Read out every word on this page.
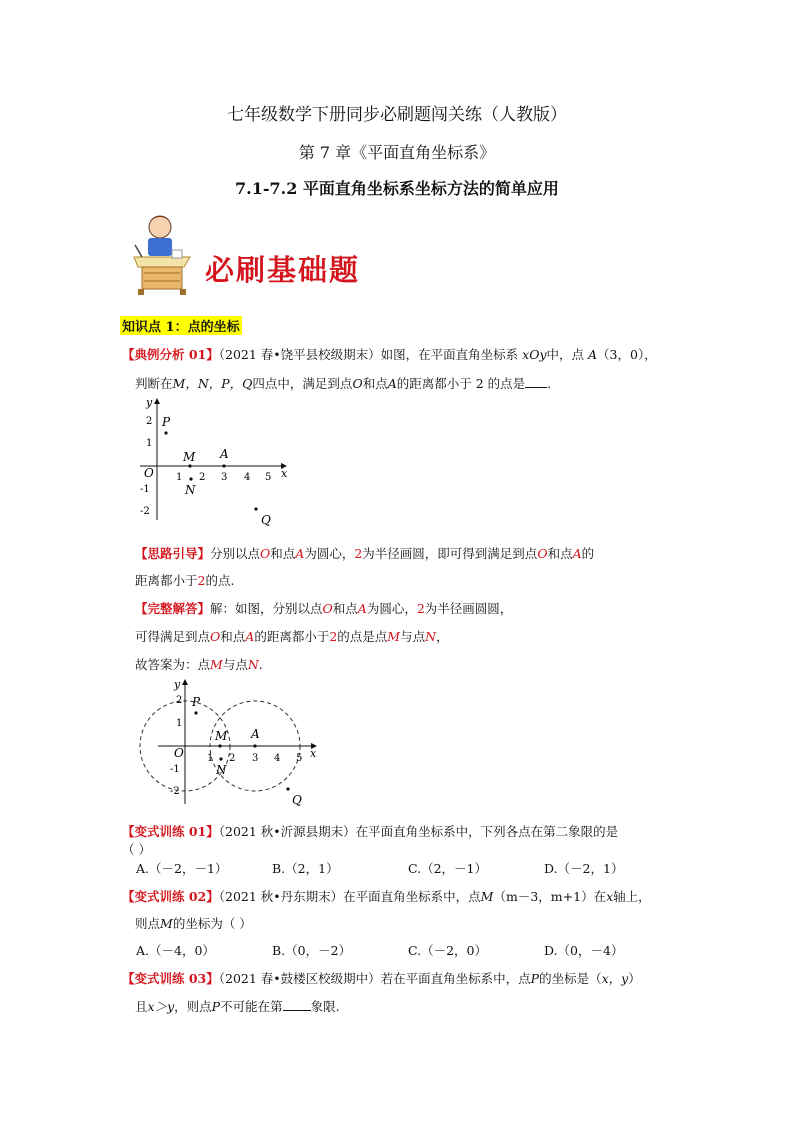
七年级数学下册同步必刷题闯关练（人教版）
第 7 章《平面直角坐标系》
7.1-7.2 平面直角坐标系坐标方法的简单应用
必刷基础题
知识点 1：点的坐标
【典例分析 01】（2021 春•饶平县校级期末）如图，在平面直角坐标系 xOy中，点 A（3，0），
判断在M，N，P，Q四点中，满足到点O和点A的距离都小于 2 的点是 .
y
x
O 1 2 3 4 5
2
1
-1
-2
P
M A
N
Q
【思路引导】分别以点O和点A为圆心，2为半径画圆，即可得到满足到点O和点A的
距离都小于2的点.
【完整解答】解：如图，分别以点O和点A为圆心，2为半径画圆圆，
可得满足到点O和点A的距离都小于2的点是点M与点N，
故答案为：点M与点N.
y
x
O 1 2 3 4 5
2
1
-1
-2
P
M A
N
Q
【变式训练 01】（2021 秋•沂源县期末）在平面直角坐标系中，下列各点在第二象限的是
（ ）
A.（－2，－1）	B.（2，1）	C.（2，－1）	D.（－2，1）
【变式训练 02】（2021 秋•丹东期末）在平面直角坐标系中，点M（m－3，m+1）在x轴上，
则点M的坐标为（ ）
A.（－4，0）	B.（0，－2）	C.（－2，0）	D.（0，－4）
【变式训练 03】（2021 春•鼓楼区校级期中）若在平面直角坐标系中，点P的坐标是（x，y）
且x＞y，则点P不可能在第 象限.
